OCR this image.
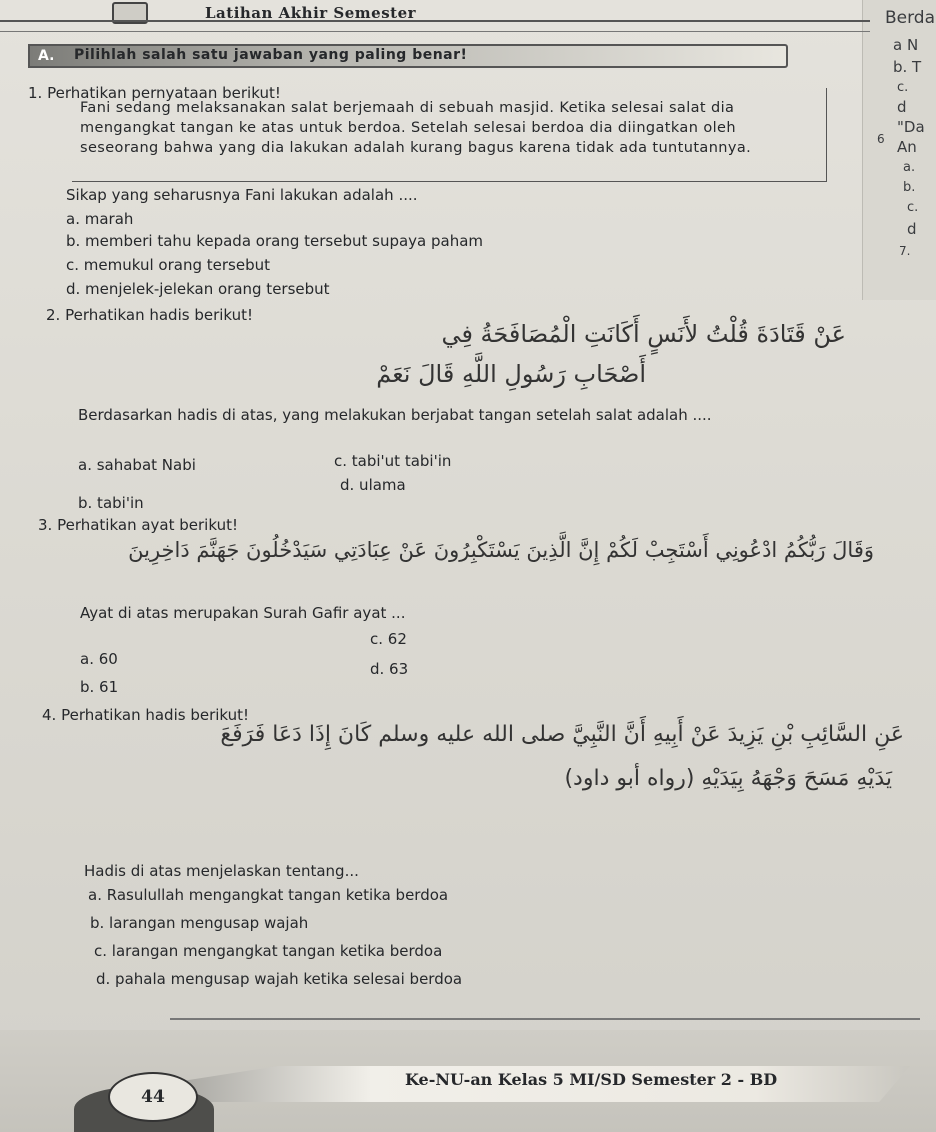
Berda
a N
b. T
c.
d
"Da
6 An
a.
b.
c.
d
7.
Latihan Akhir Semester
A. Pilihlah salah satu jawaban yang paling benar!
1. Perhatikan pernyataan berikut!
Fani sedang melaksanakan salat berjemaah di sebuah masjid. Ketika selesai salat dia
mengangkat tangan ke atas untuk berdoa. Setelah selesai berdoa dia diingatkan oleh
seseorang bahwa yang dia lakukan adalah kurang bagus karena tidak ada tuntutannya.
Sikap yang seharusnya Fani lakukan adalah ....
a. marah
b. memberi tahu kepada orang tersebut supaya paham
c. memukul orang tersebut
d. menjelek-jelekan orang tersebut
2. Perhatikan hadis berikut!
عَنْ قَتَادَةَ قُلْتُ لأَنَسٍ أَكَانَتِ الْمُصَافَحَةُ فِي
أَصْحَابِ رَسُولِ اللَّهِ قَالَ نَعَمْ
Berdasarkan hadis di atas, yang melakukan berjabat tangan setelah salat adalah ....
a. sahabat Nabi
b. tabi'in
c. tabi'ut tabi'in
d. ulama
3. Perhatikan ayat berikut!
وَقَالَ رَبُّكُمُ ادْعُونِي أَسْتَجِبْ لَكُمْ إِنَّ الَّذِينَ يَسْتَكْبِرُونَ عَنْ عِبَادَتِي سَيَدْخُلُونَ جَهَنَّمَ دَاخِرِينَ
Ayat di atas merupakan Surah Gafir ayat ...
a. 60
b. 61
c. 62
d. 63
4. Perhatikan hadis berikut!
عَنِ السَّائِبِ بْنِ يَزِيدَ عَنْ أَبِيهِ أَنَّ النَّبِيَّ صلى الله عليه وسلم كَانَ إِذَا دَعَا فَرَفَعَ
يَدَيْهِ مَسَحَ وَجْهَهُ بِيَدَيْهِ (رواه أبو داود)
Hadis di atas menjelaskan tentang...
a. Rasulullah mengangkat tangan ketika berdoa
b. larangan mengusap wajah
c. larangan mengangkat tangan ketika berdoa
d. pahala mengusap wajah ketika selesai berdoa
44
Ke-NU-an Kelas 5 MI/SD Semester 2 - BD
